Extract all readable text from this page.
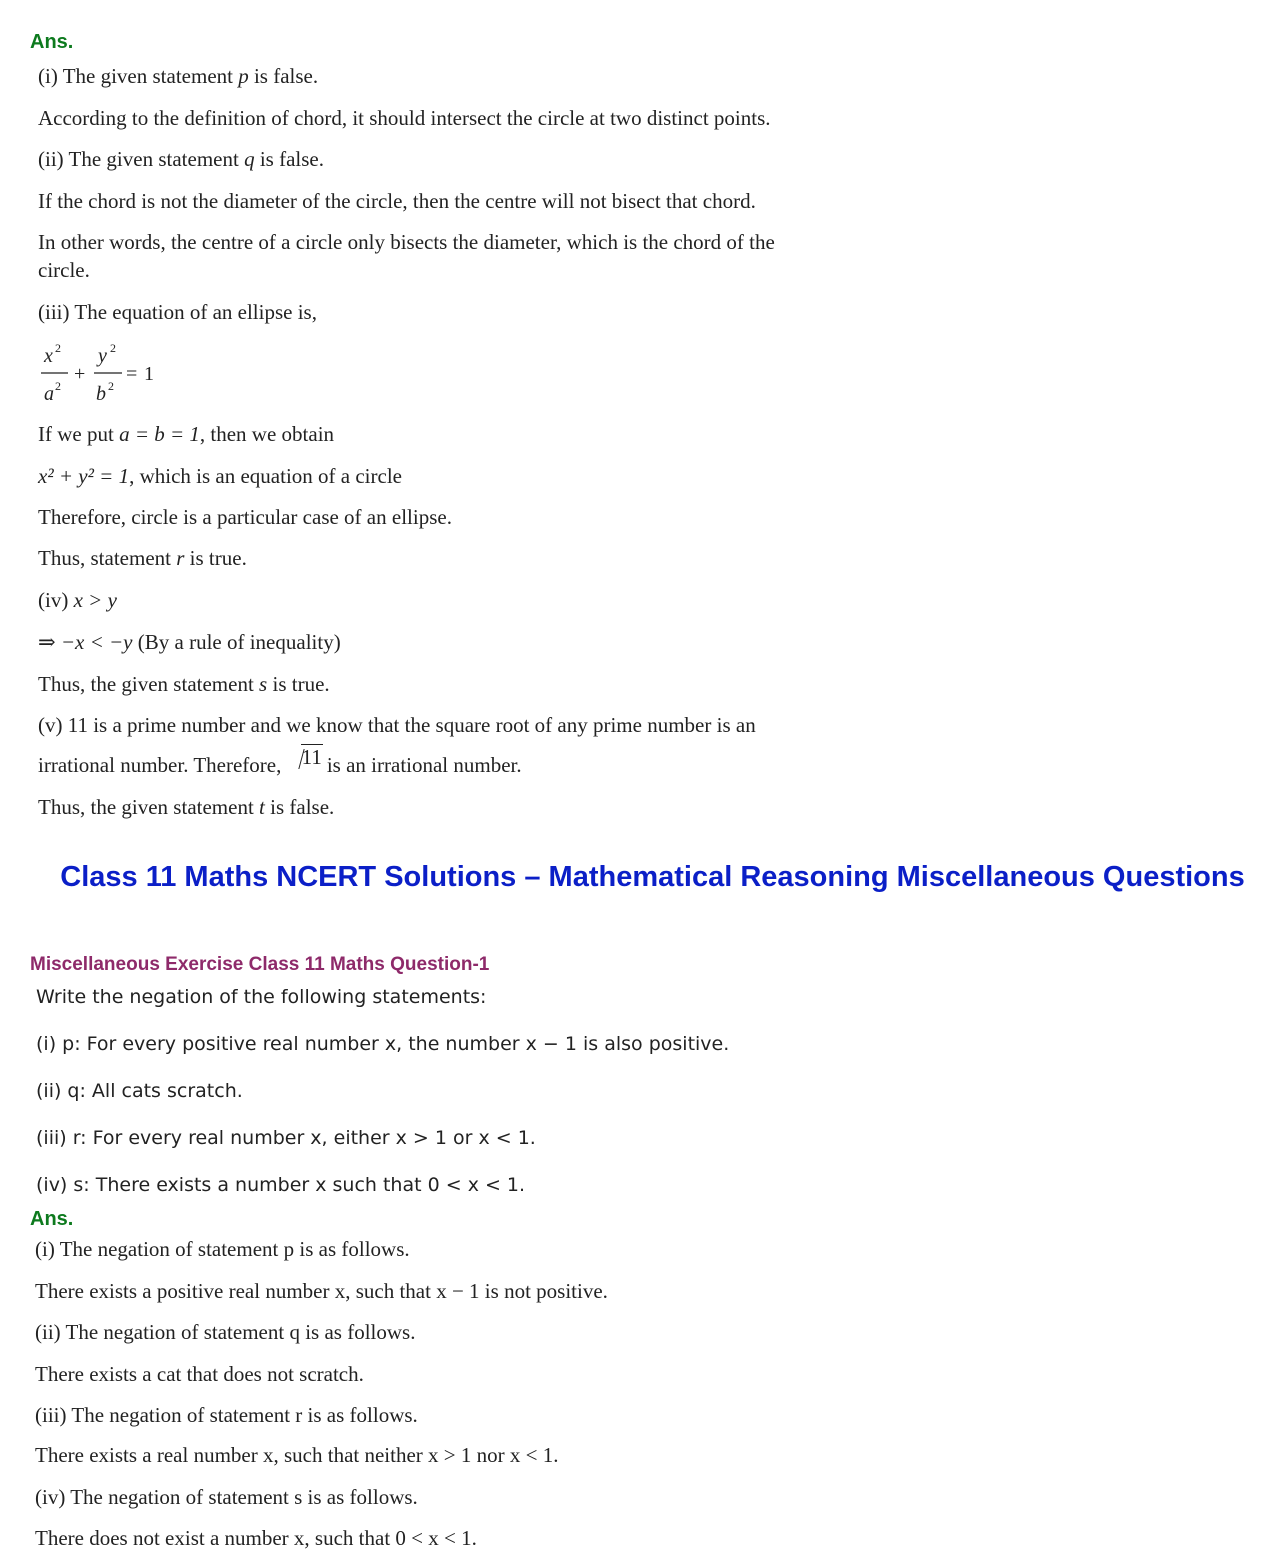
Ans.
(i) The given statement p is false.
According to the definition of chord, it should intersect the circle at two distinct points.
(ii) The given statement q is false.
If the chord is not the diameter of the circle, then the centre will not bisect that chord.
In other words, the centre of a circle only bisects the diameter, which is the chord of the
circle.
(iii) The equation of an ellipse is,
x²/a² + y²/b² = 1
x 2
a 2
y 2
b 2
+ = 1
If we put a = b = 1, then we obtain
x² + y² = 1, which is an equation of a circle
Therefore, circle is a particular case of an ellipse.
Thus, statement r is true.
(iv) x > y
⇒ −x < −y (By a rule of inequality)
Thus, the given statement s is true.
(v) 11 is a prime number and we know that the square root of any prime number is an
irrational number. Therefore, 11 is an irrational number.
Thus, the given statement t is false.
Class 11 Maths NCERT Solutions – Mathematical Reasoning Miscellaneous Questions
Miscellaneous Exercise Class 11 Maths Question-1
Write the negation of the following statements:
(i) p: For every positive real number x, the number x − 1 is also positive.
(ii) q: All cats scratch.
(iii) r: For every real number x, either x > 1 or x < 1.
(iv) s: There exists a number x such that 0 < x < 1.
Ans.
(i) The negation of statement p is as follows.
There exists a positive real number x, such that x − 1 is not positive.
(ii) The negation of statement q is as follows.
There exists a cat that does not scratch.
(iii) The negation of statement r is as follows.
There exists a real number x, such that neither x > 1 nor x < 1.
(iv) The negation of statement s is as follows.
There does not exist a number x, such that 0 < x < 1.
